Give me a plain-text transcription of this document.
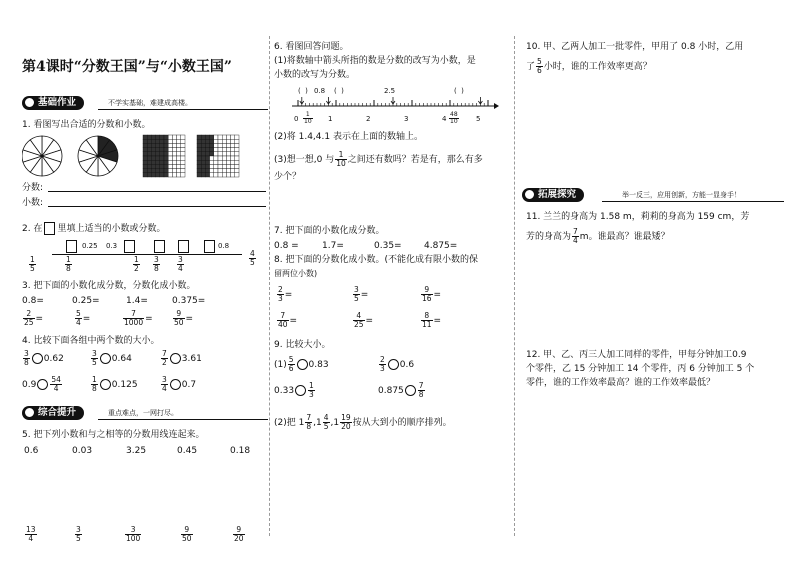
第4课时“分数王国”与“小数王国”
基础作业	不学实基础，难建成高楼。
1. 看图写出合适的分数和小数。
分数:
小数:
2. 在 里填上适当的小数或分数。
0.25 0.3	0.8
$\frac{1}{5}$	$\frac{1}{8}$	$\frac{1}{2} \frac{3}{8} \frac{3}{4}$	$\frac{4}{5}$
3. 把下面的小数化成分数，分数化成小数。
0.8=	0.25=	1.4=	0.375=
$\frac{2}{25}$ =	$\frac{5}{4}$ =	$\frac{7}{1000}$ =	$\frac{9}{50}$ =
4. 比较下面各组中两个数的大小。
$\frac{3}{8} 0.62$	$\frac{3}{5} 0.64$	$\frac{7}{2} 3.61$
$0.9 \frac{54}{4}$	$\frac{1}{8} 0.125$	$\frac{3}{4} 0.7$
综合提升	重点难点，一网打尽。
5. 把下列小数和与之相等的分数用线连起来。
0.6	0.03	3.25	0.45	0.18
$\frac{13}{4}$	$\frac{3}{5}$	$\frac{3}{100}$	$\frac{9}{50}$	$\frac{9}{20}$
6. 看图回答问题。
(1)将数轴中箭头所指的数是分数的改写为小数，是
小数的改写为分数。
(  ) 0.8 (  )	2.5	(  )
0	1	2	3	4	5
$\frac{1}{10}$	$\frac{48}{10}$
(2)将 1.4,4.1 表示在上面的数轴上。
(3)想一想,0 与 $\frac{1}{10}$ 之间还有数吗？若是有，那么有多
少个？
7. 把下面的小数化成分数。
0.8 =	1.7=	0.35= 4.875=
8. 把下面的分数化成小数。(不能化成有限小数的保
留两位小数)
$\frac{2}{3}$ =	$\frac{3}{5}$ =	$\frac{9}{16}$ =
$\frac{7}{40}$ =	$\frac{4}{25}$ =	$\frac{8}{11}$ =
9. 比较大小。
$(1) \frac{5}{6} 0.83$	$\frac{2}{3} 0.6$
$0.33 \frac{1}{3}$	$0.875 \frac{7}{8}$
(2)把 $1 \frac{7}{8} ,1 \frac{4}{5} ,1 \frac{19}{20}$ 按从大到小的顺序排列。
10. 甲、乙两人加工一批零件，甲用了 0.8 小时，乙用
了 $\frac{5}{6}$ 小时，谁的工作效率更高？
拓展探究	举一反三，应用创新，方能一显身手！
11. 兰兰的身高为 1.58 m，莉莉的身高为 159 cm，芳
芳的身高为 $\frac{7}{4}$ m。谁最高？谁最矮？
12. 甲、乙、丙三人加工同样的零件，甲每分钟加工0.9
个零件，乙 15 分钟加工 14 个零件，丙 6 分钟加工 5 个
零件，谁的工作效率最高？谁的工作效率最低？
